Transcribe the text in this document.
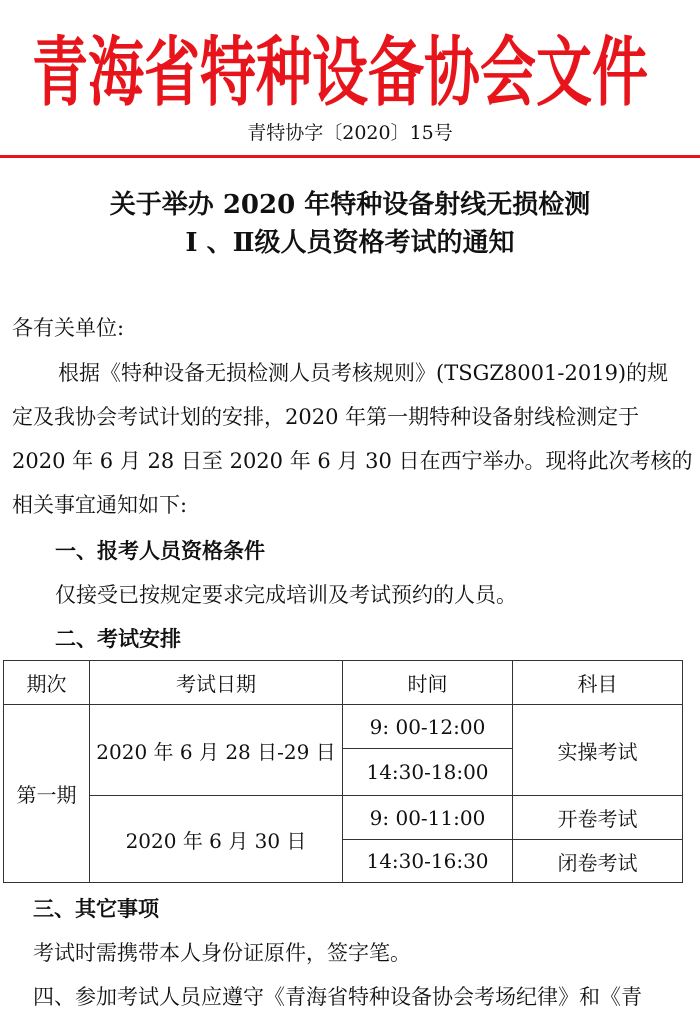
青海省特种设备协会文件
青特协字〔2020〕15号
关于举办 2020 年特种设备射线无损检测
Ⅰ 、Ⅱ级人员资格考试的通知
各有关单位:
根据《特种设备无损检测人员考核规则》(TSGZ8001-2019)的规
定及我协会考试计划的安排，2020 年第一期特种设备射线检测定于
2020 年 6 月 28 日至 2020 年 6 月 30 日在西宁举办。现将此次考核的
相关事宜通知如下:
一、报考人员资格条件
仅接受已按规定要求完成培训及考试预约的人员。
二、考试安排
期次	考试日期	时间	科目
第一期	2020 年 6 月 28 日-29 日	9: 00-12:00	实操考试
		14:30-18:00	
	2020 年 6 月 30 日	9: 00-11:00	开卷考试
		14:30-16:30	闭卷考试
三、其它事项
考试时需携带本人身份证原件，签字笔。
四、参加考试人员应遵守《青海省特种设备协会考场纪律》和《青
